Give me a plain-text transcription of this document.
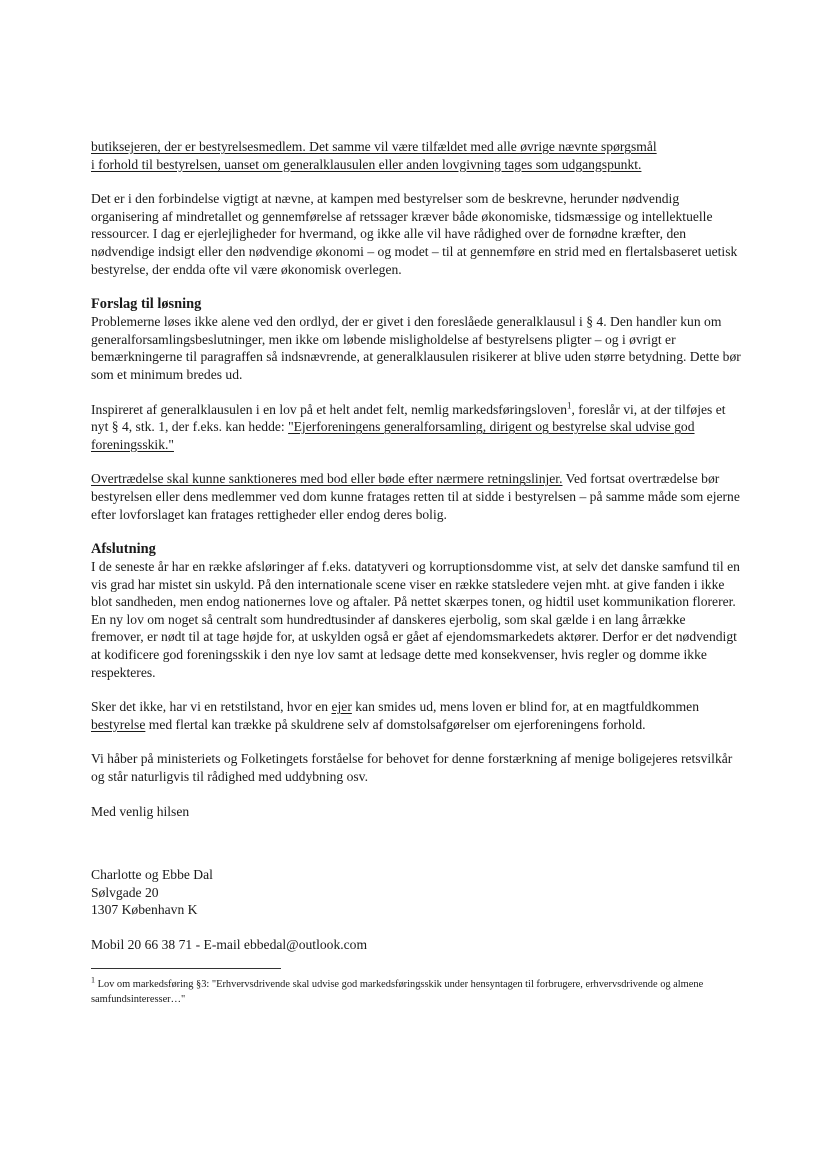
butiksejeren, der er bestyrelsesmedlem. Det samme vil være tilfældet med alle øvrige nævnte spørgsmål
i forhold til bestyrelsen, uanset om generalklausulen eller anden lovgivning tages som udgangspunkt.

Det er i den forbindelse vigtigt at nævne, at kampen med bestyrelser som de beskrevne, herunder nødvendig organisering af mindretallet og gennemførelse af retssager kræver både økonomiske, tidsmæssige og intellektuelle ressourcer. I dag er ejerlejligheder for hvermand, og ikke alle vil have rådighed over de fornødne kræfter, den nødvendige indsigt eller den nødvendige økonomi – og modet – til at gennemføre en strid med en flertalsbaseret uetisk bestyrelse, der endda ofte vil være økonomisk overlegen.

Forslag til løsning

Problemerne løses ikke alene ved den ordlyd, der er givet i den foreslåede generalklausul i § 4. Den handler kun om generalforsamlingsbeslutninger, men ikke om løbende misligholdelse af bestyrelsens pligter – og i øvrigt er bemærkningerne til paragraffen så indsnævrende, at generalklausulen risikerer at blive uden større betydning. Dette bør som et minimum bredes ud.

Inspireret af generalklausulen i en lov på et helt andet felt, nemlig markedsføringsloven$^1$, foreslår vi, at der tilføjes et nyt § 4, stk. 1, der f.eks. kan hedde: "Ejerforeningens generalforsamling, dirigent og bestyrelse skal udvise god foreningsskik."

Overtrædelse skal kunne sanktioneres med bod eller bøde efter nærmere retningslinjer. Ved fortsat overtrædelse bør bestyrelsen eller dens medlemmer ved dom kunne fratages retten til at sidde i bestyrelsen – på samme måde som ejerne efter lovforslaget kan fratages rettigheder eller endog deres bolig.

Afslutning

I de seneste år har en række afsløringer af f.eks. datatyveri og korruptionsdomme vist, at selv det danske samfund til en vis grad har mistet sin uskyld. På den internationale scene viser en række statsledere vejen mht. at give fanden i ikke blot sandheden, men endog nationernes love og aftaler. På nettet skærpes tonen, og hidtil uset kommunikation florerer. En ny lov om noget så centralt som hundredtusinder af danskeres ejerbolig, som skal gælde i en lang årrække fremover, er nødt til at tage højde for, at uskylden også er gået af ejendomsmarkedets aktører. Derfor er det nødvendigt at kodificere god foreningsskik i den nye lov samt at ledsage dette med konsekvenser, hvis regler og domme ikke respekteres.

Sker det ikke, har vi en retstilstand, hvor en ejer kan smides ud, mens loven er blind for, at en magtfuldkommen bestyrelse med flertal kan trække på skuldrene selv af domstolsafgørelser om ejerforeningens forhold.

Vi håber på ministeriets og Folketingets forståelse for behovet for denne forstærkning af menige boligejeres retsvilkår og står naturligvis til rådighed med uddybning osv.

Med venlig hilsen

Charlotte og Ebbe Dal

Sølvgade 20

1307 København K

Mobil 20 66 38 71 - E-mail ebbedal@outlook.com

$^1$ Lov om markedsføring §3: "Erhvervsdrivende skal udvise god markedsføringsskik under hensyntagen til forbrugere, erhvervsdrivende og almene samfundsinteresser…"
